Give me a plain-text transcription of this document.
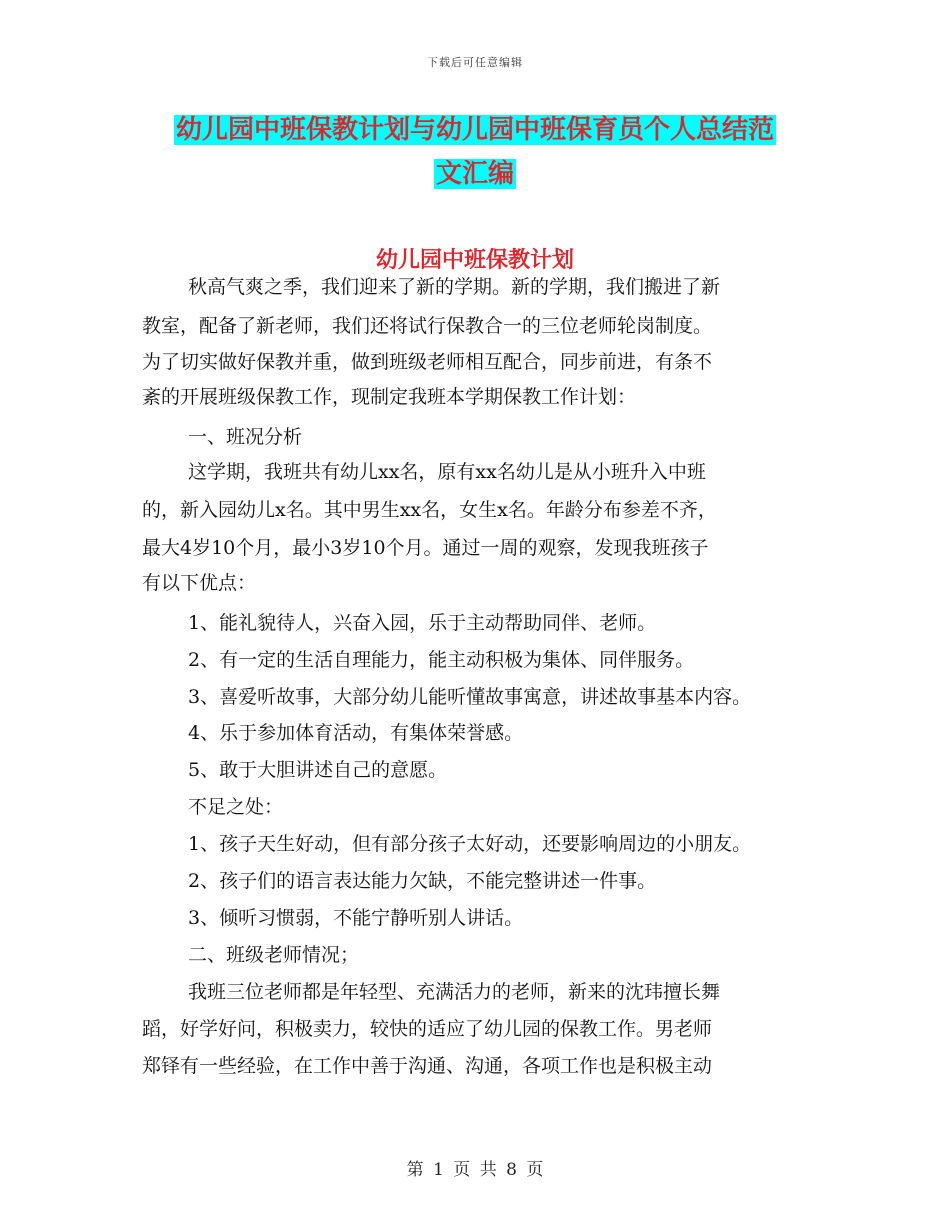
下载后可任意编辑
幼儿园中班保教计划与幼儿园中班保育员个人总结范
文汇编
幼儿园中班保教计划
秋高气爽之季，我们迎来了新的学期。新的学期，我们搬进了新
教室，配备了新老师，我们还将试行保教合一的三位老师轮岗制度。
为了切实做好保教并重，做到班级老师相互配合，同步前进，有条不
紊的开展班级保教工作，现制定我班本学期保教工作计划：
一、班况分析
这学期，我班共有幼儿xx名，原有xx名幼儿是从小班升入中班
的，新入园幼儿x名。其中男生xx名，女生x名。年龄分布参差不齐，
最大4岁10个月，最小3岁10个月。通过一周的观察，发现我班孩子
有以下优点：
1、能礼貌待人，兴奋入园，乐于主动帮助同伴、老师。
2、有一定的生活自理能力，能主动积极为集体、同伴服务。
3、喜爱听故事，大部分幼儿能听懂故事寓意，讲述故事基本内容。
4、乐于参加体育活动，有集体荣誉感。
5、敢于大胆讲述自己的意愿。
不足之处：
1、孩子天生好动，但有部分孩子太好动，还要影响周边的小朋友。
2、孩子们的语言表达能力欠缺，不能完整讲述一件事。
3、倾听习惯弱，不能宁静听别人讲话。
二、班级老师情况；
我班三位老师都是年轻型、充满活力的老师，新来的沈玮擅长舞
蹈，好学好问，积极卖力，较快的适应了幼儿园的保教工作。男老师
郑铎有一些经验，在工作中善于沟通、沟通，各项工作也是积极主动
第 1 页 共 8 页
